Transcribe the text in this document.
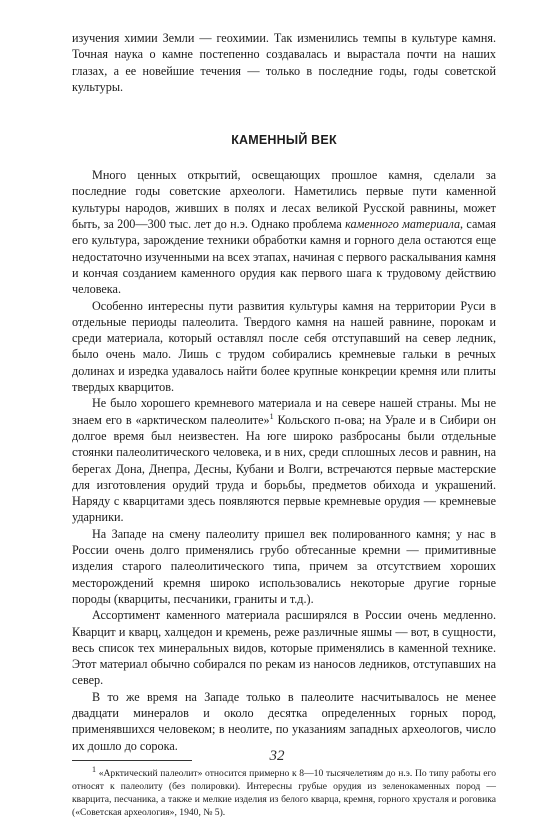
изучения химии Земли — геохимии. Так изменились темпы в культуре камня. Точная наука о камне постепенно создавалась и вырастала почти на наших глазах, а ее новейшие течения — только в последние годы, годы советской культуры.

КАМЕННЫЙ ВЕК

Много ценных открытий, освещающих прошлое камня, сделали за последние годы советские археологи. Наметились первые пути каменной культуры народов, живших в полях и лесах великой Русской равнины, может быть, за 200—300 тыс. лет до н.э. Однако проблема каменного материала, самая его культура, зарождение техники обработки камня и горного дела остаются еще недостаточно изученными на всех этапах, начиная с первого раскалывания камня и кончая созданием каменного орудия как первого шага к трудовому действию человека.

Особенно интересны пути развития культуры камня на территории Руси в отдельные периоды палеолита. Твердого камня на нашей равнине, порокам и среди материала, который оставлял после себя отступавший на север ледник, было очень мало. Лишь с трудом собирались кремневые гальки в речных долинах и изредка удавалось найти более крупные конкреции кремня или плиты твердых кварцитов.

Не было хорошего кремневого материала и на севере нашей страны. Мы не знаем его в «арктическом палеолите»$^1$ Кольского п-ова; на Урале и в Сибири он долгое время был неизвестен. На юге широко разбросаны были отдельные стоянки палеолитического человека, и в них, среди сплошных лесов и равнин, на берегах Дона, Днепра, Десны, Кубани и Волги, встречаются первые мастерские для изготовления орудий труда и борьбы, предметов обихода и украшений. Наряду с кварцитами здесь появляются первые кремневые орудия — кремневые ударники.

На Западе на смену палеолиту пришел век полированного камня; у нас в России очень долго применялись грубо обтесанные кремни — примитивные изделия старого палеолитического типа, причем за отсутствием хороших месторождений кремня широко использовались некоторые другие горные породы (кварциты, песчаники, граниты и т.д.).

Ассортимент каменного материала расширялся в России очень медленно. Кварцит и кварц, халцедон и кремень, реже различные яшмы — вот, в сущности, весь список тех минеральных видов, которые применялись в каменной технике. Этот материал обычно собирался по рекам из наносов ледников, отступавших на север.

В то же время на Западе только в палеолите насчитывалось не менее двадцати минералов и около десятка определенных горных пород, применявшихся человеком; в неолите, по указаниям западных археологов, число их дошло до сорока.

$^1$ «Арктический палеолит» относится примерно к 8—10 тысячелетиям до н.э. По типу работы его относят к палеолиту (без полировки). Интересны грубые орудия из зеленокаменных пород — кварцита, песчаника, а также и мелкие изделия из белого кварца, кремня, горного хрусталя и роговика («Советская археология», 1940, № 5).

32
